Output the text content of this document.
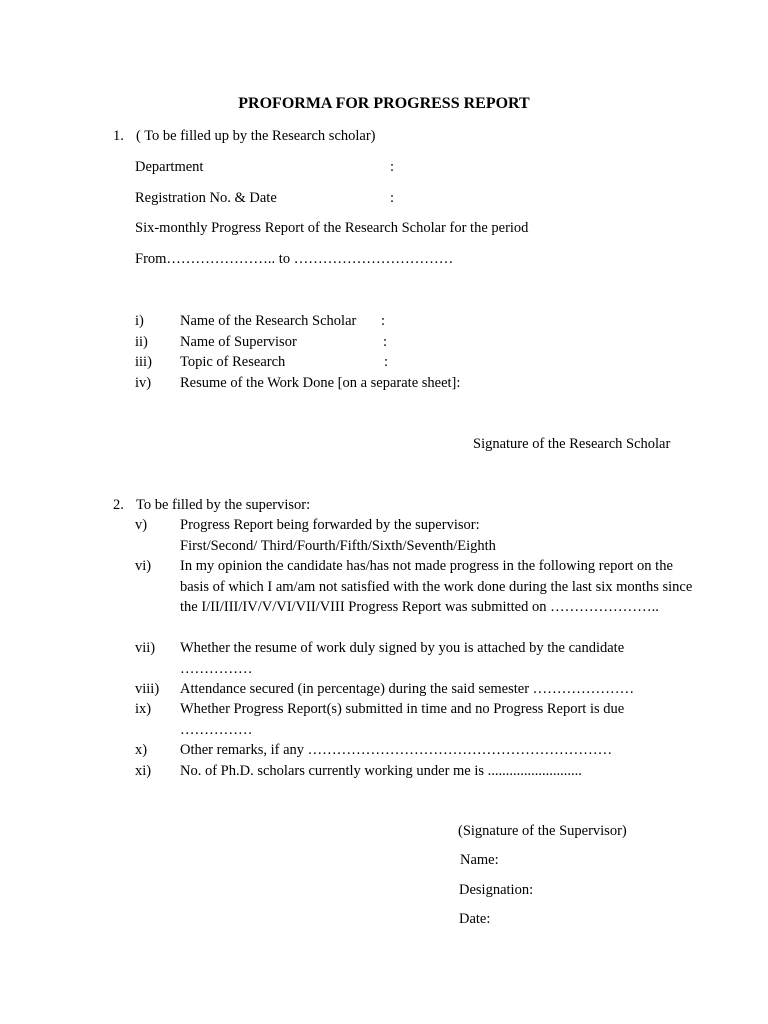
PROFORMA FOR PROGRESS REPORT
1. ( To be filled up by the Research scholar)
Department	:
Registration No. & Date	:
Six-monthly Progress Report of the Research Scholar for the period
From………………….. to ……………………………
i) Name of the Research Scholar :
ii) Name of Supervisor	:
iii) Topic of Research	:
iv) Resume of the Work Done [on a separate sheet]:
Signature of the Research Scholar
2. To be filled by the supervisor:
v) Progress Report being forwarded by the supervisor:
First/Second/ Third/Fourth/Fifth/Sixth/Seventh/Eighth
vi) In my opinion the candidate has/has not made progress in the following report on the basis of which I am/am not satisfied with the work done during the last six months since the I/II/III/IV/V/VI/VII/VIII Progress Report was submitted on …………………..
vii) Whether the resume of work duly signed by you is attached by the candidate ……………
viii) Attendance secured (in percentage) during the said semester …………………
ix) Whether Progress Report(s) submitted in time and no Progress Report is due ……………
x) Other remarks, if any ………………………………………………………
xi) No. of Ph.D. scholars currently working under me is ..........................
(Signature of the Supervisor)
Name:
Designation:
Date:
